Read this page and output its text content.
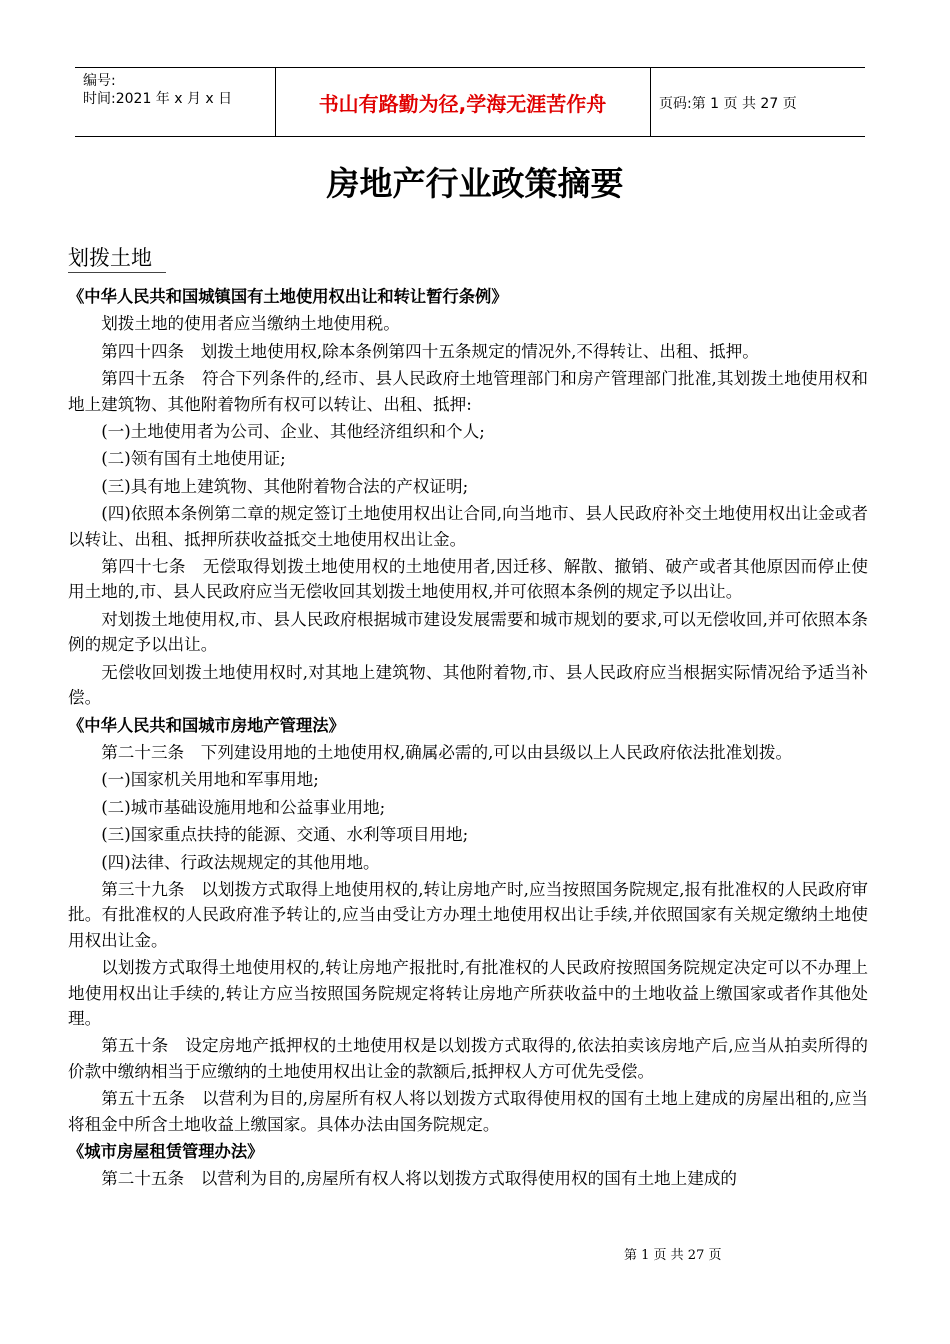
编号:
时间:2021 年 x 月 x 日	书山有路勤为径,学海无涯苦作舟	页码:第 1 页 共 27 页
房地产行业政策摘要
划拨土地

《中华人民共和国城镇国有土地使用权出让和转让暂行条例》

划拨土地的使用者应当缴纳土地使用税。

第四十四条　划拨土地使用权,除本条例第四十五条规定的情况外,不得转让、出租、抵押。

第四十五条　符合下列条件的,经市、县人民政府土地管理部门和房产管理部门批准,其划拨土地使用权和地上建筑物、其他附着物所有权可以转让、出租、抵押:

(一)土地使用者为公司、企业、其他经济组织和个人;

(二)领有国有土地使用证;

(三)具有地上建筑物、其他附着物合法的产权证明;

(四)依照本条例第二章的规定签订土地使用权出让合同,向当地市、县人民政府补交土地使用权出让金或者以转让、出租、抵押所获收益抵交土地使用权出让金。

第四十七条　无偿取得划拨土地使用权的土地使用者,因迁移、解散、撤销、破产或者其他原因而停止使用土地的,市、县人民政府应当无偿收回其划拨土地使用权,并可依照本条例的规定予以出让。

对划拨土地使用权,市、县人民政府根据城市建设发展需要和城市规划的要求,可以无偿收回,并可依照本条例的规定予以出让。

无偿收回划拨土地使用权时,对其地上建筑物、其他附着物,市、县人民政府应当根据实际情况给予适当补偿。

《中华人民共和国城市房地产管理法》

第二十三条　下列建设用地的土地使用权,确属必需的,可以由县级以上人民政府依法批准划拨。

(一)国家机关用地和军事用地;

(二)城市基础设施用地和公益事业用地;

(三)国家重点扶持的能源、交通、水利等项目用地;

(四)法律、行政法规规定的其他用地。

第三十九条　以划拨方式取得上地使用权的,转让房地产时,应当按照国务院规定,报有批准权的人民政府审批。有批准权的人民政府准予转让的,应当由受让方办理土地使用权出让手续,并依照国家有关规定缴纳土地使用权出让金。

以划拨方式取得土地使用权的,转让房地产报批时,有批准权的人民政府按照国务院规定决定可以不办理上地使用权出让手续的,转让方应当按照国务院规定将转让房地产所获收益中的土地收益上缴国家或者作其他处理。

第五十条　设定房地产抵押权的土地使用权是以划拨方式取得的,依法拍卖该房地产后,应当从拍卖所得的价款中缴纳相当于应缴纳的土地使用权出让金的款额后,抵押权人方可优先受偿。

第五十五条　以营利为目的,房屋所有权人将以划拨方式取得使用权的国有土地上建成的房屋出租的,应当将租金中所含土地收益上缴国家。具体办法由国务院规定。

《城市房屋租赁管理办法》

第二十五条　以营利为目的,房屋所有权人将以划拨方式取得使用权的国有土地上建成的

第 1 页 共 27 页
